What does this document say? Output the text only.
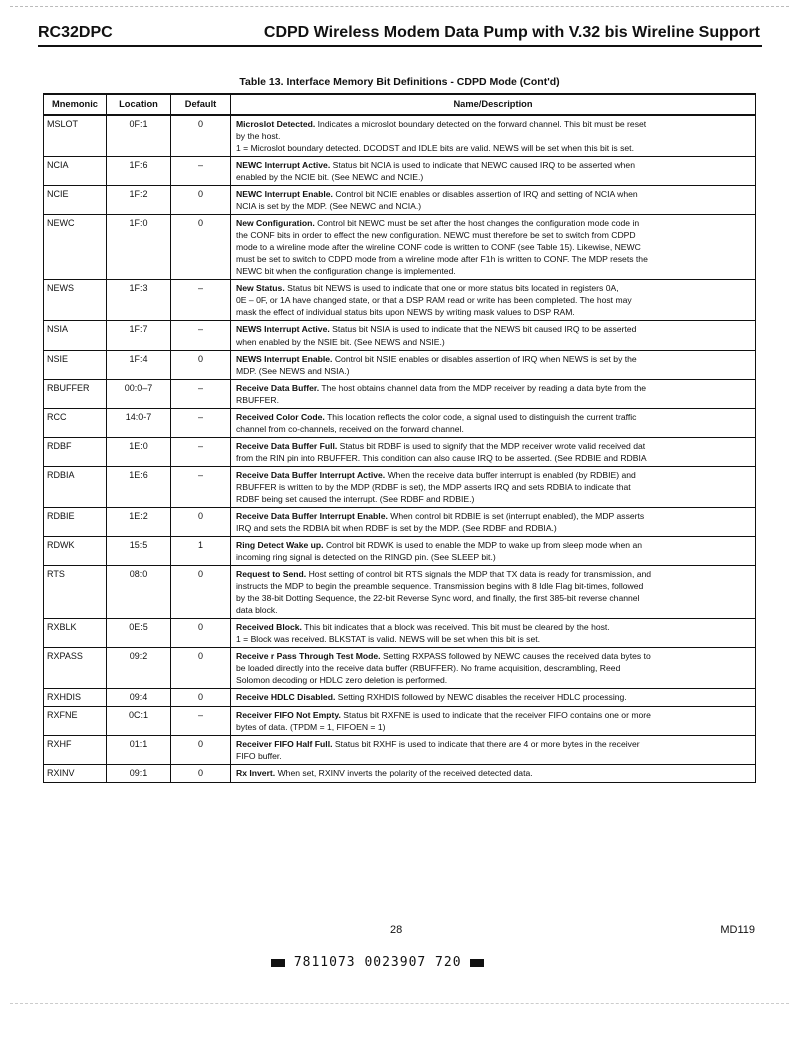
RC32DPC	CDPD Wireless Modem Data Pump with V.32 bis Wireline Support
Table 13. Interface Memory Bit Definitions - CDPD Mode (Cont'd)
Mnemonic	Location	Default	Name/Description
MSLOT	0F:1	0	Microslot Detected. Indicates a microslot boundary detected on the forward channel. This bit must be reset
by the host.
1 = Microslot boundary detected. DCODST and IDLE bits are valid. NEWS will be set when this bit is set.

NCIA	1F:6	–	NEWC Interrupt Active. Status bit NCIA is used to indicate that NEWC caused IRQ to be asserted when
enabled by the NCIE bit. (See NEWC and NCIE.)

NCIE	1F:2	0	NEWC Interrupt Enable. Control bit NCIE enables or disables assertion of IRQ and setting of NCIA when
NCIA is set by the MDP. (See NEWC and NCIA.)

NEWC	1F:0	0	New Configuration. Control bit NEWC must be set after the host changes the configuration mode code in
the CONF bits in order to effect the new configuration. NEWC must therefore be set to switch from CDPD
mode to a wireline mode after the wireline CONF code is written to CONF (see Table 15). Likewise, NEWC
must be set to switch to CDPD mode from a wireline mode after F1h is written to CONF. The MDP resets the
NEWC bit when the configuration change is implemented.

NEWS	1F:3	–	New Status. Status bit NEWS is used to indicate that one or more status bits located in registers 0A,
0E – 0F, or 1A have changed state, or that a DSP RAM read or write has been completed. The host may
mask the effect of individual status bits upon NEWS by writing mask values to DSP RAM.

NSIA	1F:7	–	NEWS Interrupt Active. Status bit NSIA is used to indicate that the NEWS bit caused IRQ to be asserted
when enabled by the NSIE bit. (See NEWS and NSIE.)

NSIE	1F:4	0	NEWS Interrupt Enable. Control bit NSIE enables or disables assertion of IRQ when NEWS is set by the
MDP. (See NEWS and NSIA.)

RBUFFER	00:0–7	–	Receive Data Buffer. The host obtains channel data from the MDP receiver by reading a data byte from the
RBUFFER.

RCC	14:0-7	–	Received Color Code. This location reflects the color code, a signal used to distinguish the current traffic
channel from co-channels, received on the forward channel.

RDBF	1E:0	–	Receive Data Buffer Full. Status bit RDBF is used to signify that the MDP receiver wrote valid received dat
from the RIN pin into RBUFFER. This condition can also cause IRQ to be asserted. (See RDBIE and RDBIA

RDBIA	1E:6	–	Receive Data Buffer Interrupt Active. When the receive data buffer interrupt is enabled (by RDBIE) and
RBUFFER is written to by the MDP (RDBF is set), the MDP asserts IRQ and sets RDBIA to indicate that
RDBF being set caused the interrupt. (See RDBF and RDBIE.)

RDBIE	1E:2	0	Receive Data Buffer Interrupt Enable. When control bit RDBIE is set (interrupt enabled), the MDP asserts
IRQ and sets the RDBIA bit when RDBF is set by the MDP. (See RDBF and RDBIA.)

RDWK	15:5	1	Ring Detect Wake up. Control bit RDWK is used to enable the MDP to wake up from sleep mode when an
incoming ring signal is detected on the RINGD pin. (See SLEEP bit.)

RTS	08:0	0	Request to Send. Host setting of control bit RTS signals the MDP that TX data is ready for transmission, and
instructs the MDP to begin the preamble sequence. Transmission begins with 8 Idle Flag bit-times, followed
by the 38-bit Dotting Sequence, the 22-bit Reverse Sync word, and finally, the first 385-bit reverse channel
data block.

RXBLK	0E:5	0	Received Block. This bit indicates that a block was received. This bit must be cleared by the host.
1 = Block was received. BLKSTAT is valid. NEWS will be set when this bit is set.

RXPASS	09:2	0	Receive r Pass Through Test Mode. Setting RXPASS followed by NEWC causes the received data bytes to
be loaded directly into the receive data buffer (RBUFFER). No frame acquisition, descrambling, Reed
Solomon decoding or HDLC zero deletion is performed.

RXHDIS	09:4	0	Receive HDLC Disabled. Setting RXHDIS followed by NEWC disables the receiver HDLC processing.

RXFNE	0C:1	–	Receiver FIFO Not Empty. Status bit RXFNE is used to indicate that the receiver FIFO contains one or more
bytes of data. (TPDM = 1, FIFOEN = 1)

RXHF	01:1	0	Receiver FIFO Half Full. Status bit RXHF is used to indicate that there are 4 or more bytes in the receiver
FIFO buffer.

RXINV	09:1	0	Rx Invert. When set, RXINV inverts the polarity of the received detected data.
28	MD119
7811073 0023907 720
